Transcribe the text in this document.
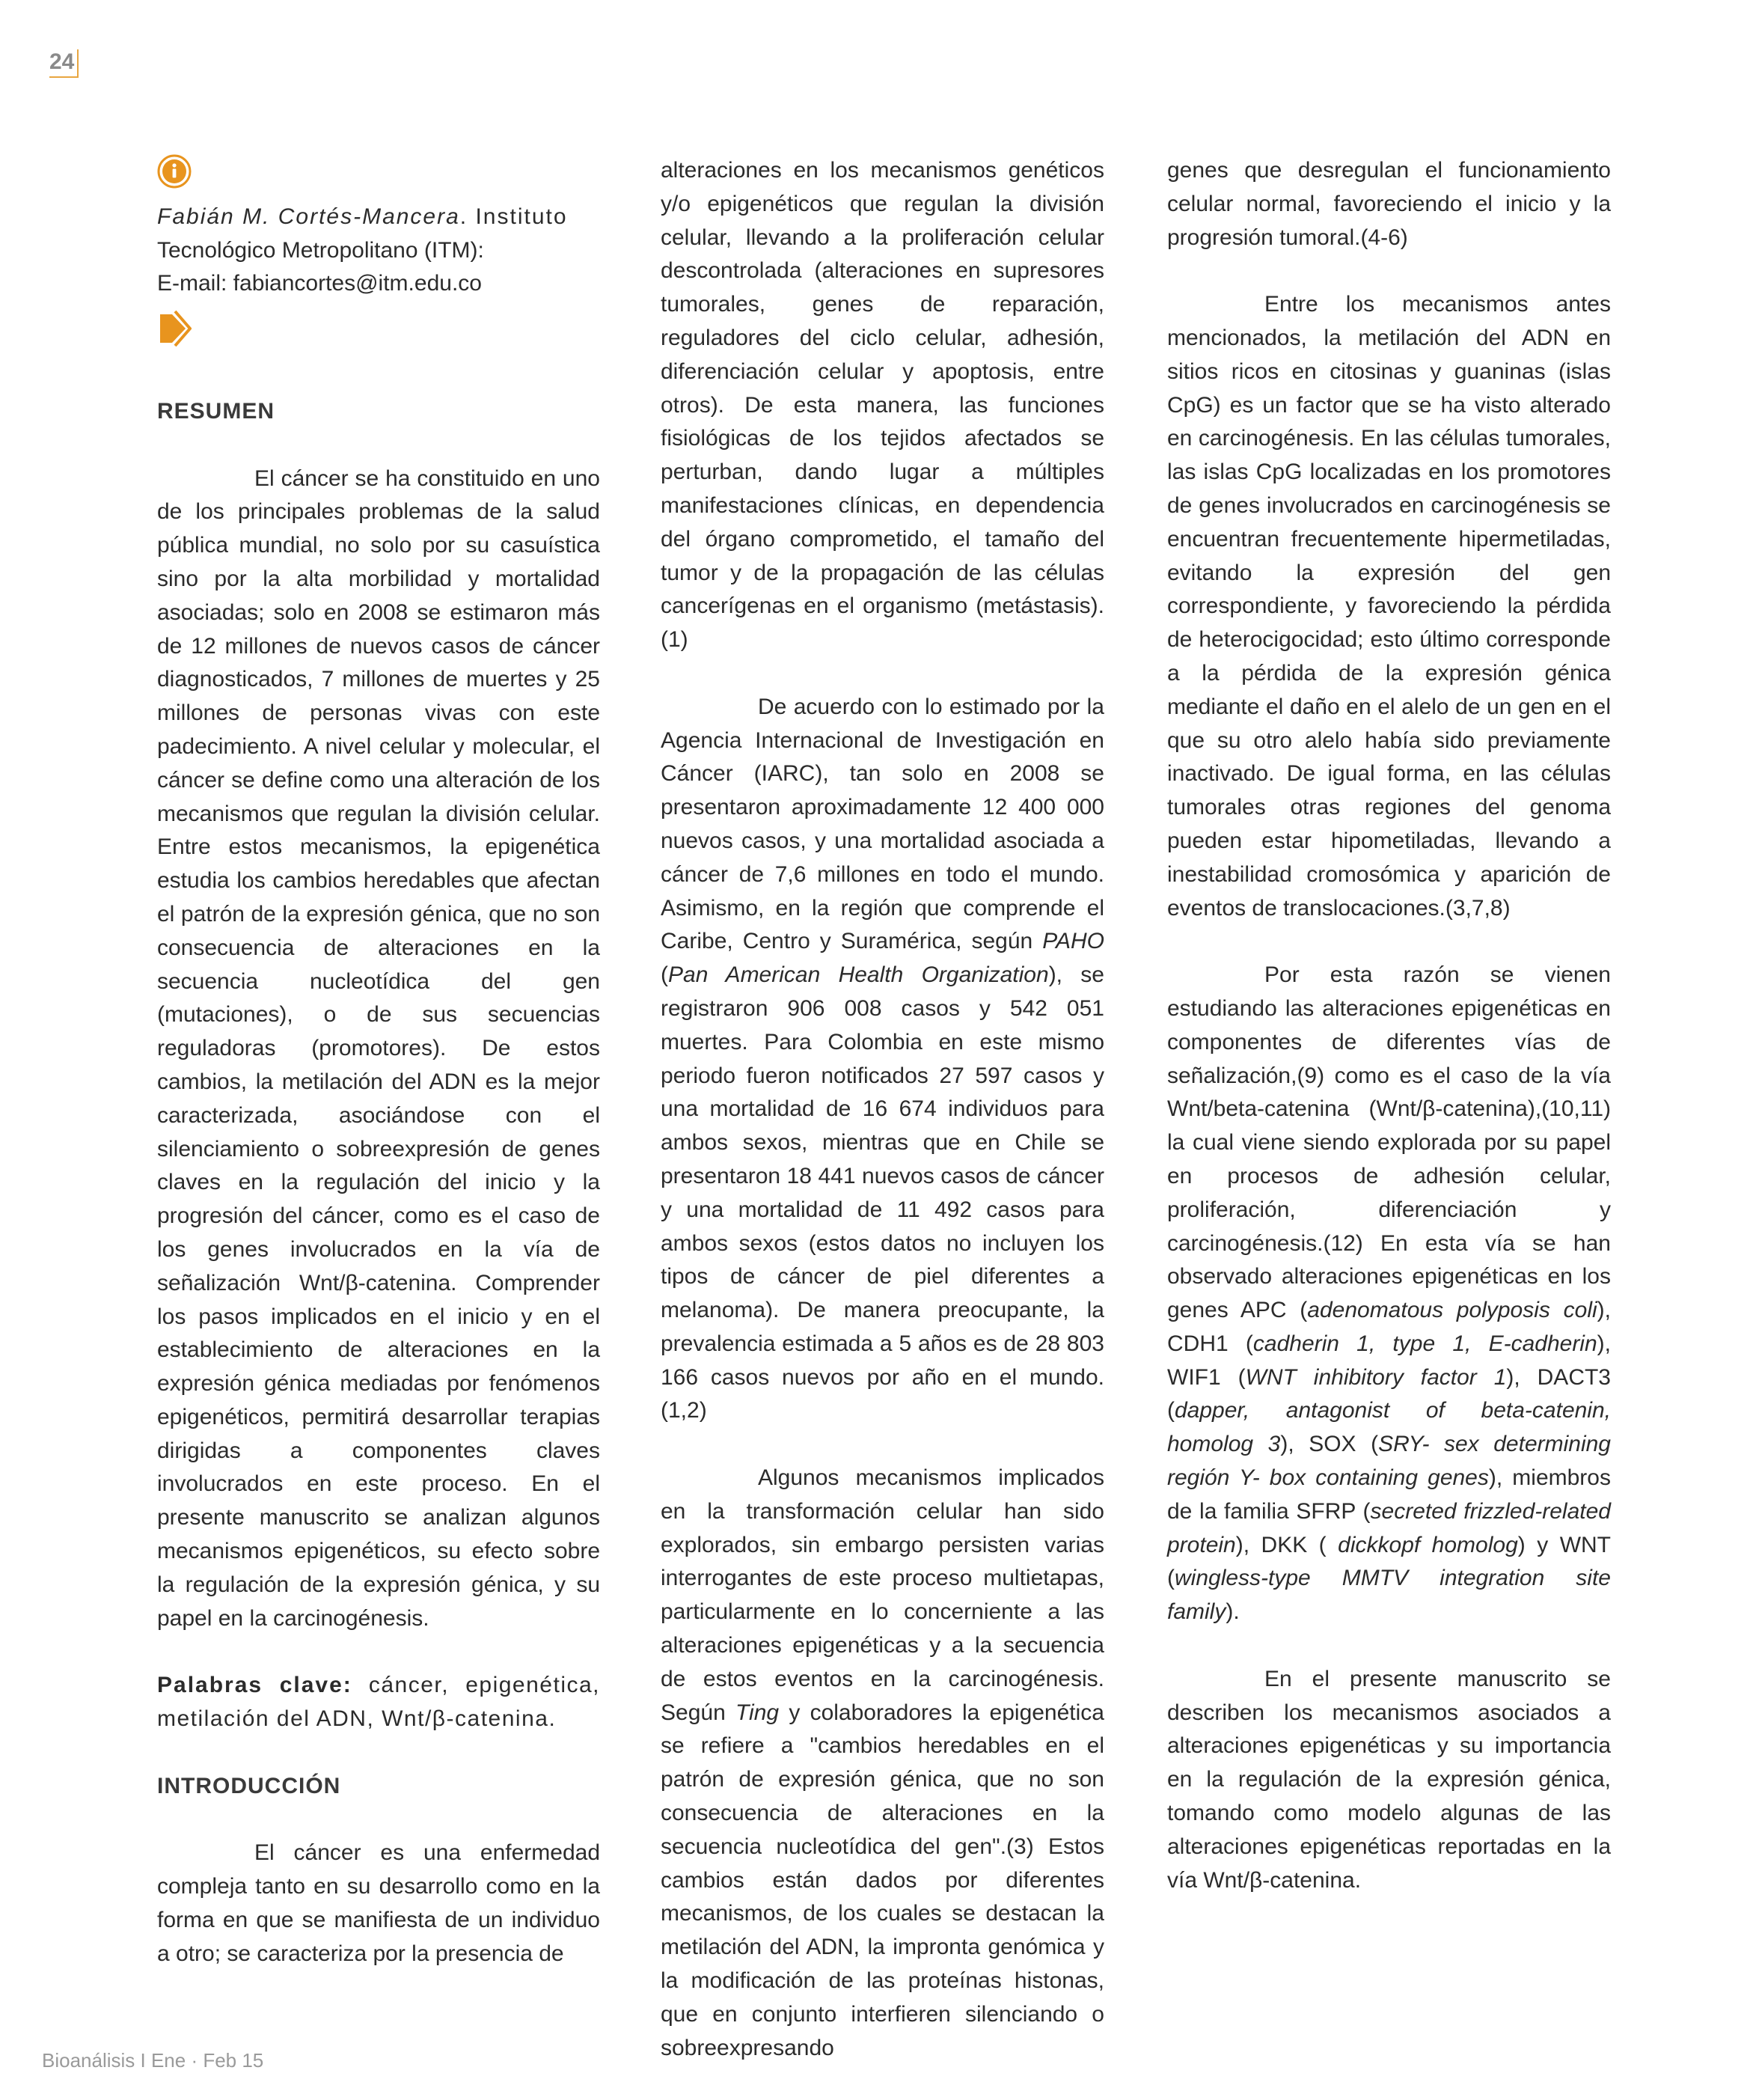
24

Fabián M. Cortés-Mancera. Instituto
Tecnológico Metropolitano (ITM):
E-mail: fabiancortes@itm.edu.co

RESUMEN

El cáncer se ha constituido en uno de los principales problemas de la salud pública mundial, no solo por su casuística sino por la alta morbilidad y mortalidad asociadas; solo en 2008 se estimaron más de 12 millones de nuevos casos de cáncer diagnosticados, 7 millones de muertes y 25 millones de personas vivas con este padecimiento. A nivel celular y molecular, el cáncer se define como una alteración de los mecanismos que regulan la división celular. Entre estos mecanismos, la epigenética estudia los cambios heredables que afectan el patrón de la expresión génica, que no son consecuencia de alteraciones en la secuencia nucleotídica del gen (mutaciones), o de sus secuencias reguladoras (promotores). De estos cambios, la metilación del ADN es la mejor caracterizada, asociándose con el silenciamiento o sobreexpresión de genes claves en la regulación del inicio y la progresión del cáncer, como es el caso de los genes involucrados en la vía de señalización Wnt/β-catenina. Comprender los pasos implicados en el inicio y en el establecimiento de alteraciones en la expresión génica mediadas por fenómenos epigenéticos, permitirá desarrollar terapias dirigidas a componentes claves involucrados en este proceso. En el presente manuscrito se analizan algunos mecanismos epigenéticos, su efecto sobre la regulación de la expresión génica, y su papel en la carcinogénesis.

Palabras clave: cáncer, epigenética, metilación del ADN, Wnt/β-catenina.

INTRODUCCIÓN

El cáncer es una enfermedad compleja tanto en su desarrollo como en la forma en que se manifiesta de un individuo a otro; se caracteriza por la presencia de

alteraciones en los mecanismos genéticos y/o epigenéticos que regulan la división celular, llevando a la proliferación celular descontrolada (alteraciones en supresores tumorales, genes de reparación, reguladores del ciclo celular, adhesión, diferenciación celular y apoptosis, entre otros). De esta manera, las funciones fisiológicas de los tejidos afectados se perturban, dando lugar a múltiples manifestaciones clínicas, en dependencia del órgano comprometido, el tamaño del tumor y de la propagación de las células cancerígenas en el organismo (metástasis).(1)

De acuerdo con lo estimado por la Agencia Internacional de Investigación en Cáncer (IARC), tan solo en 2008 se presentaron aproximadamente 12 400 000 nuevos casos, y una mortalidad asociada a cáncer de 7,6 millones en todo el mundo. Asimismo, en la región que comprende el Caribe, Centro y Suramérica, según PAHO (Pan American Health Organization), se registraron 906 008 casos y 542 051 muertes. Para Colombia en este mismo periodo fueron notificados 27 597 casos y una mortalidad de 16 674 individuos para ambos sexos, mientras que en Chile se presentaron 18 441 nuevos casos de cáncer y una mortalidad de 11 492 casos para ambos sexos (estos datos no incluyen los tipos de cáncer de piel diferentes a melanoma). De manera preocupante, la prevalencia estimada a 5 años es de 28 803 166 casos nuevos por año en el mundo.(1,2)

Algunos mecanismos implicados en la transformación celular han sido explorados, sin embargo persisten varias interrogantes de este proceso multietapas, particularmente en lo concerniente a las alteraciones epigenéticas y a la secuencia de estos eventos en la carcinogénesis. Según Ting y colaboradores la epigenética se refiere a "cambios heredables en el patrón de expresión génica, que no son consecuencia de alteraciones en la secuencia nucleotídica del gen".(3) Estos cambios están dados por diferentes mecanismos, de los cuales se destacan la metilación del ADN, la impronta genómica y la modificación de las proteínas histonas, que en conjunto interfieren silenciando o sobreexpresando

genes que desregulan el funcionamiento celular normal, favoreciendo el inicio y la progresión tumoral.(4-6)

Entre los mecanismos antes mencionados, la metilación del ADN en sitios ricos en citosinas y guaninas (islas CpG) es un factor que se ha visto alterado en carcinogénesis. En las células tumorales, las islas CpG localizadas en los promotores de genes involucrados en carcinogénesis se encuentran frecuentemente hipermetiladas, evitando la expresión del gen correspondiente, y favoreciendo la pérdida de heterocigocidad; esto último corresponde a la pérdida de la expresión génica mediante el daño en el alelo de un gen en el que su otro alelo había sido previamente inactivado. De igual forma, en las células tumorales otras regiones del genoma pueden estar hipometiladas, llevando a inestabilidad cromosómica y aparición de eventos de translocaciones.(3,7,8)

Por esta razón se vienen estudiando las alteraciones epigenéticas en componentes de diferentes vías de señalización,(9) como es el caso de la vía Wnt/beta-catenina (Wnt/β-catenina),(10,11) la cual viene siendo explorada por su papel en procesos de adhesión celular, proliferación, diferenciación y carcinogénesis.(12) En esta vía se han observado alteraciones epigenéticas en los genes APC (adenomatous polyposis coli), CDH1 (cadherin 1, type 1, E-cadherin), WIF1 (WNT inhibitory factor 1), DACT3 (dapper, antagonist of beta-catenin, homolog 3), SOX (SRY- sex determining región Y- box containing genes), miembros de la familia SFRP (secreted frizzled-related protein), DKK ( dickkopf homolog) y WNT (wingless-type MMTV integration site family).

En el presente manuscrito se describen los mecanismos asociados a alteraciones epigenéticas y su importancia en la regulación de la expresión génica, tomando como modelo algunas de las alteraciones epigenéticas reportadas en la vía Wnt/β-catenina.

Bioanálisis I Ene · Feb 15
